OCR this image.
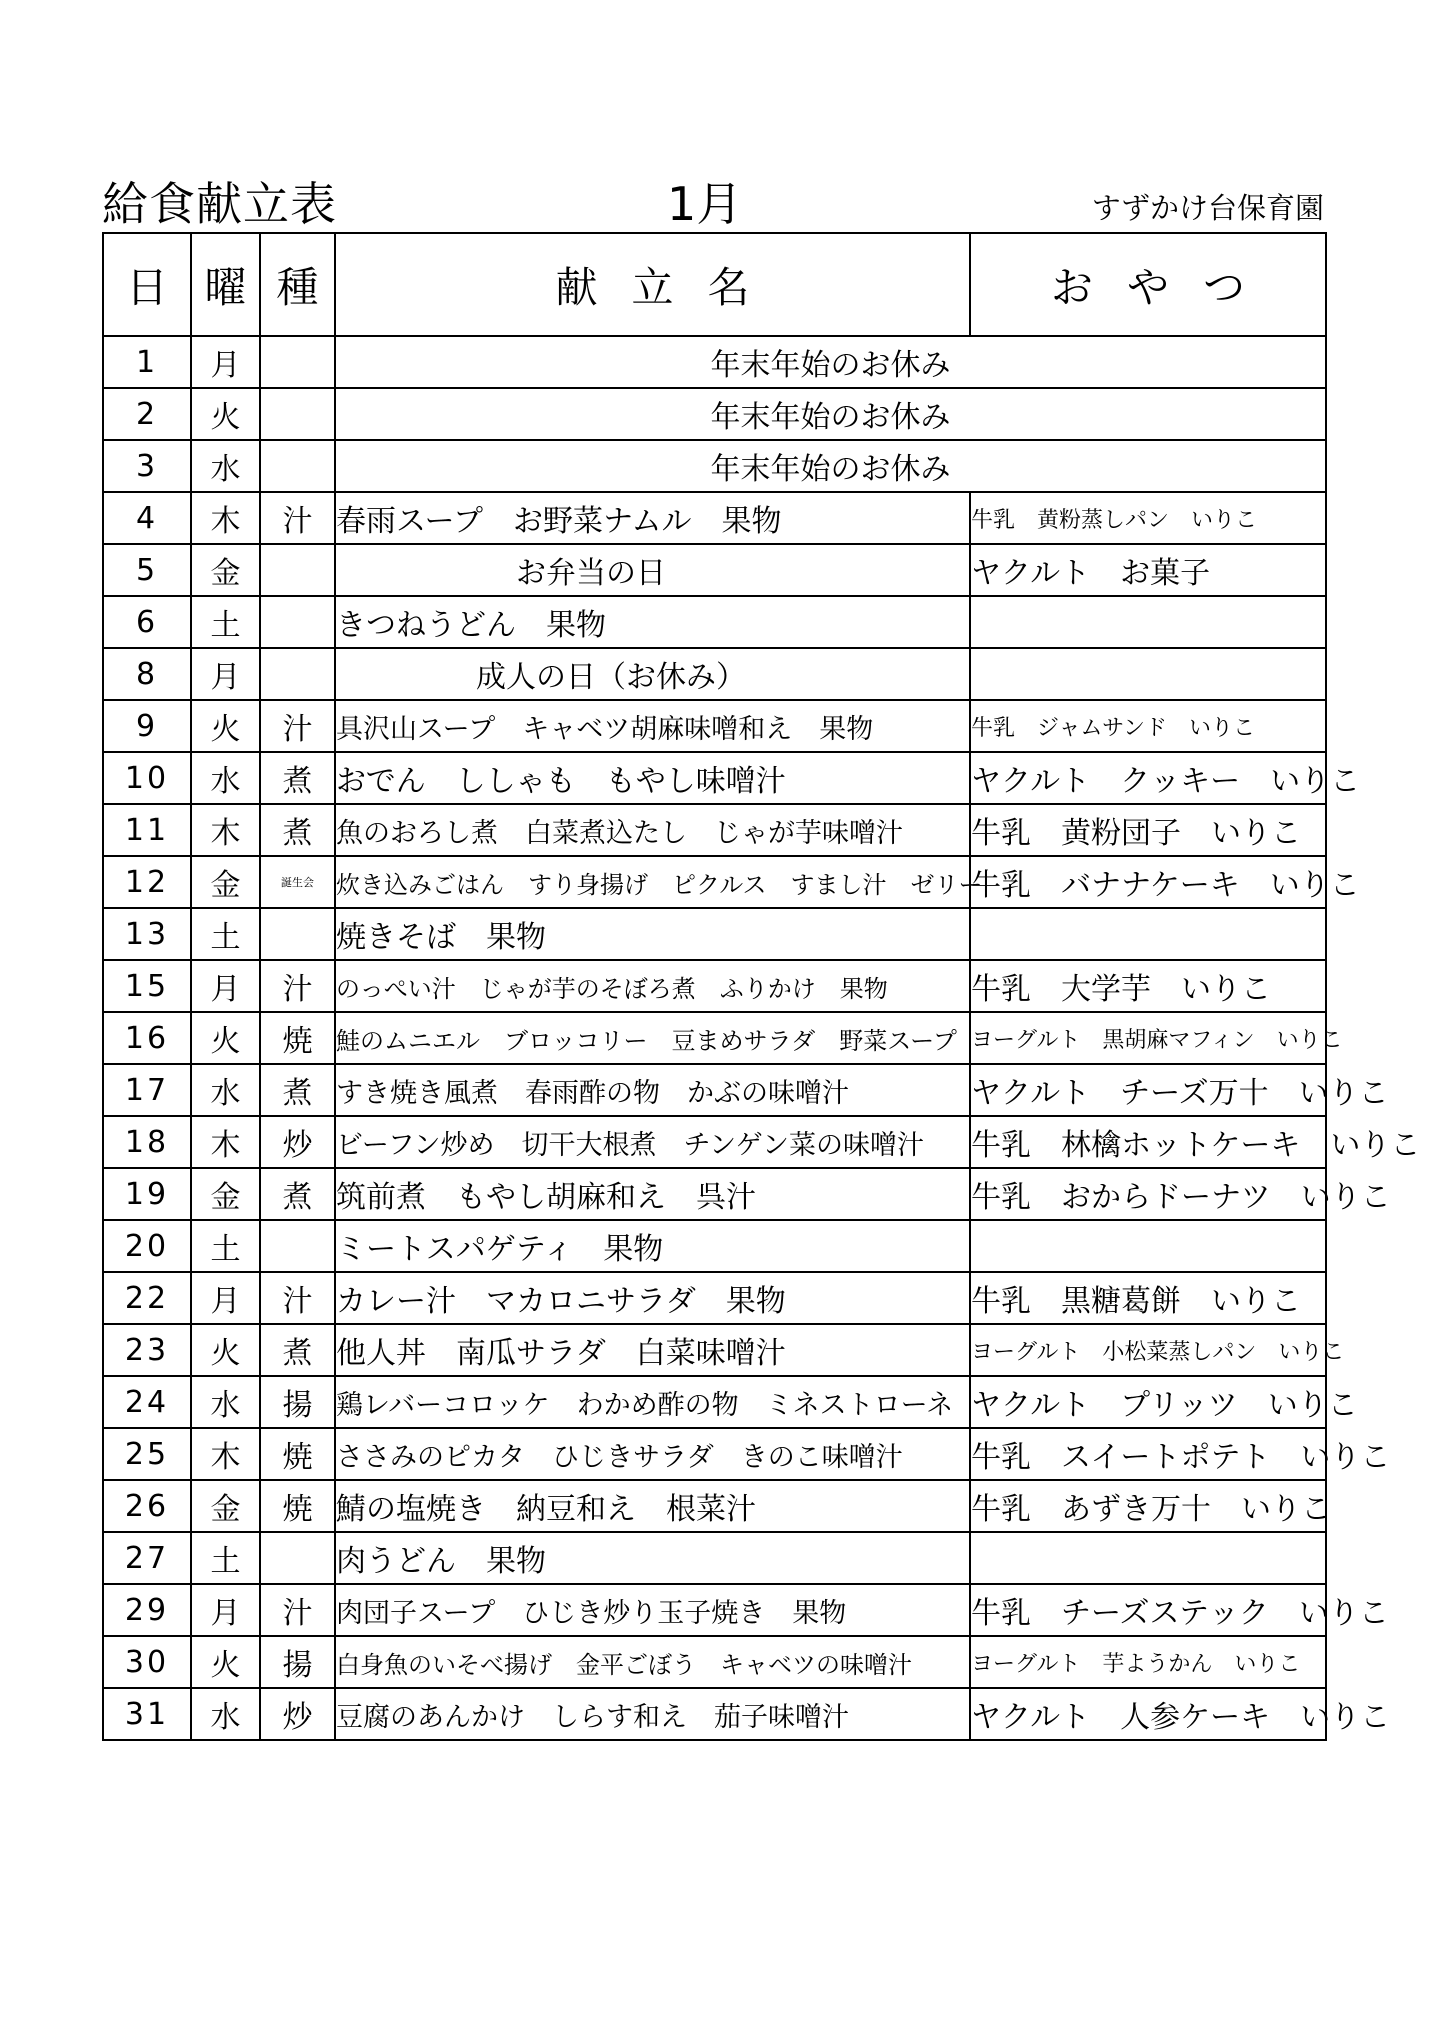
給食献立表	1月	すずかけ台保育園
日	曜	種	献立名	おやつ
1	月		年末年始のお休み	
2	火		年末年始のお休み	
3	水		年末年始のお休み	
4	木	汁	春雨スープ　お野菜ナムル　果物	牛乳　黄粉蒸しパン　いりこ
5	金		お弁当の日	ヤクルト　お菓子
6	土		きつねうどん　果物	
8	月		成人の日（お休み）	
9	火	汁	具沢山スープ　キャベツ胡麻味噌和え　果物	牛乳　ジャムサンド　いりこ
10	水	煮	おでん　ししゃも　もやし味噌汁	ヤクルト　クッキー　いりこ
11	木	煮	魚のおろし煮　白菜煮込たし　じゃが芋味噌汁	牛乳　黄粉団子　いりこ
12	金	誕生会	炊き込みごはん　すり身揚げ　ピクルス　すまし汁　ゼリー	牛乳　バナナケーキ　いりこ
13	土		焼きそば　果物	
15	月	汁	のっぺい汁　じゃが芋のそぼろ煮　ふりかけ　果物	牛乳　大学芋　いりこ
16	火	焼	鮭のムニエル　ブロッコリー　豆まめサラダ　野菜スープ	ヨーグルト　黒胡麻マフィン　いりこ
17	水	煮	すき焼き風煮　春雨酢の物　かぶの味噌汁	ヤクルト　チーズ万十　いりこ
18	木	炒	ビーフン炒め　切干大根煮　チンゲン菜の味噌汁	牛乳　林檎ホットケーキ　いりこ
19	金	煮	筑前煮　もやし胡麻和え　呉汁	牛乳　おからドーナツ　いりこ
20	土		ミートスパゲティ　果物	
22	月	汁	カレー汁　マカロニサラダ　果物	牛乳　黒糖葛餅　いりこ
23	火	煮	他人丼　南瓜サラダ　白菜味噌汁	ヨーグルト　小松菜蒸しパン　いりこ
24	水	揚	鶏レバーコロッケ　わかめ酢の物　ミネストローネ	ヤクルト　プリッツ　いりこ
25	木	焼	ささみのピカタ　ひじきサラダ　きのこ味噌汁	牛乳　スイートポテト　いりこ
26	金	焼	鯖の塩焼き　納豆和え　根菜汁	牛乳　あずき万十　いりこ
27	土		肉うどん　果物	
29	月	汁	肉団子スープ　ひじき炒り玉子焼き　果物	牛乳　チーズステック　いりこ
30	火	揚	白身魚のいそべ揚げ　金平ごぼう　キャベツの味噌汁	ヨーグルト　芋ようかん　いりこ
31	水	炒	豆腐のあんかけ　しらす和え　茄子味噌汁	ヤクルト　人参ケーキ　いりこ
